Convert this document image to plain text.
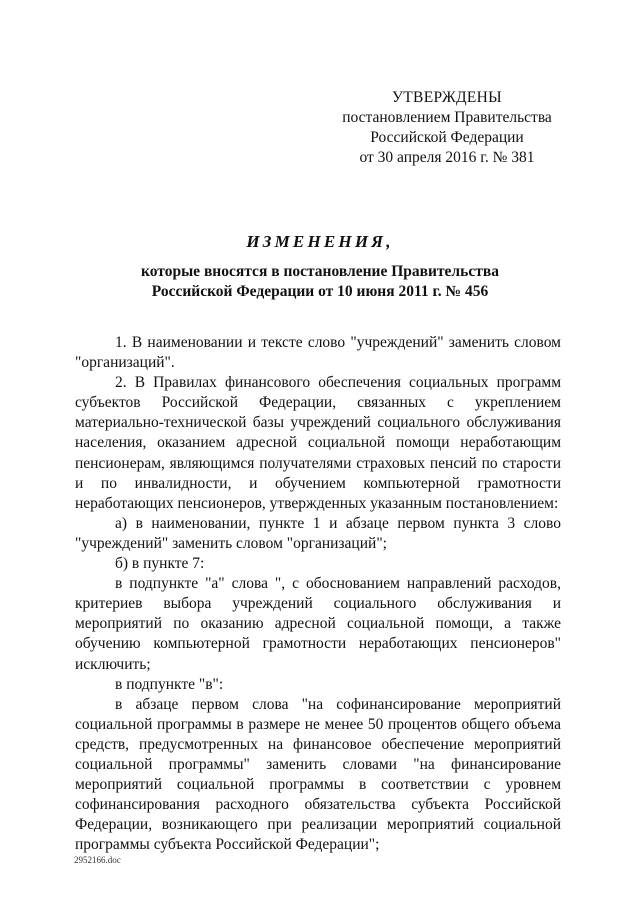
УТВЕРЖДЕНЫ
постановлением Правительства
Российской Федерации
от 30 апреля 2016 г. № 381
ИЗМЕНЕНИЯ,
которые вносятся в постановление Правительства
Российской Федерации от 10 июня 2011 г. № 456

1. В наименовании и тексте слово "учреждений" заменить словом "организаций".

2. В Правилах финансового обеспечения социальных программ субъектов Российской Федерации, связанных с укреплением материально-технической базы учреждений социального обслуживания населения, оказанием адресной социальной помощи неработающим пенсионерам, являющимся получателями страховых пенсий по старости и по инвалидности, и обучением компьютерной грамотности неработающих пенсионеров, утвержденных указанным постановлением:

а) в наименовании, пункте 1 и абзаце первом пункта 3 слово "учреждений" заменить словом "организаций";

б) в пункте 7:

в подпункте "а" слова ", с обоснованием направлений расходов, критериев выбора учреждений социального обслуживания и мероприятий по оказанию адресной социальной помощи, а также обучению компьютерной грамотности неработающих пенсионеров" исключить;

в подпункте "в":

в абзаце первом слова "на софинансирование мероприятий социальной программы в размере не менее 50 процентов общего объема средств, предусмотренных на финансовое обеспечение мероприятий социальной программы" заменить словами "на финансирование мероприятий социальной программы в соответствии с уровнем софинансирования расходного обязательства субъекта Российской Федерации, возникающего при реализации мероприятий социальной программы субъекта Российской Федерации";

2952166.doc
